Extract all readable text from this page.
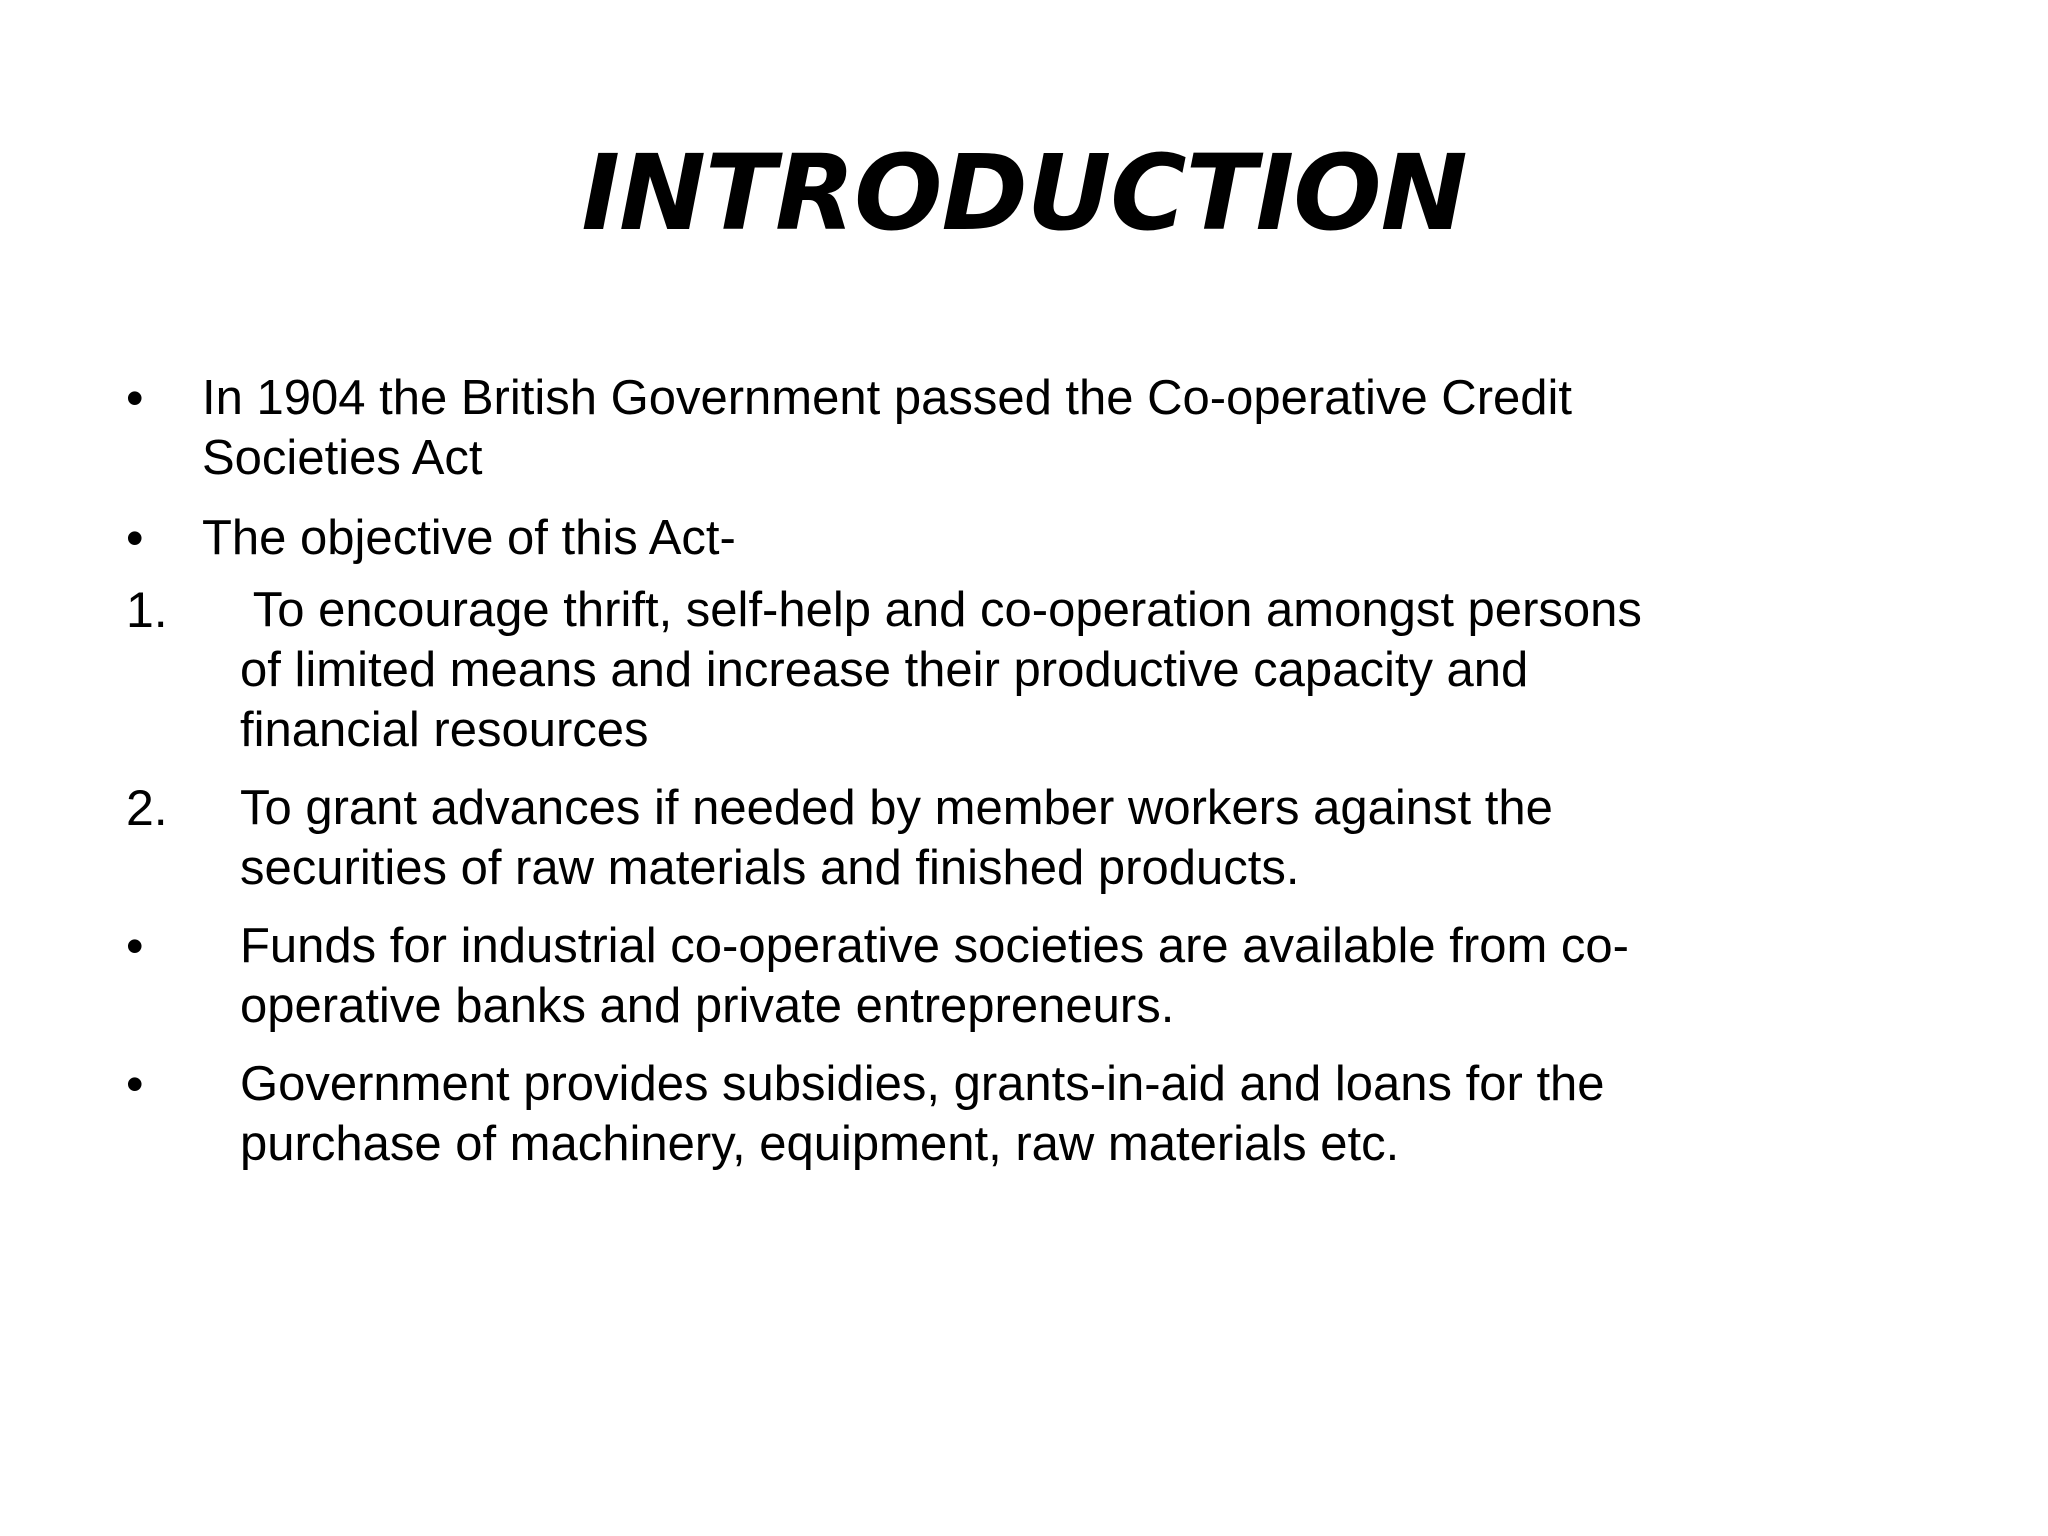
INTRODUCTION
• In 1904 the British Government passed the Co-operative Credit
Societies Act
• The objective of this Act-
1. To encourage thrift, self-help and co-operation amongst persons
of limited means and increase their productive capacity and
financial resources
2. To grant advances if needed by member workers against the
securities of raw materials and finished products.
• Funds for industrial co-operative societies are available from co-
operative banks and private entrepreneurs.
• Government provides subsidies, grants-in-aid and loans for the
purchase of machinery, equipment, raw materials etc.
